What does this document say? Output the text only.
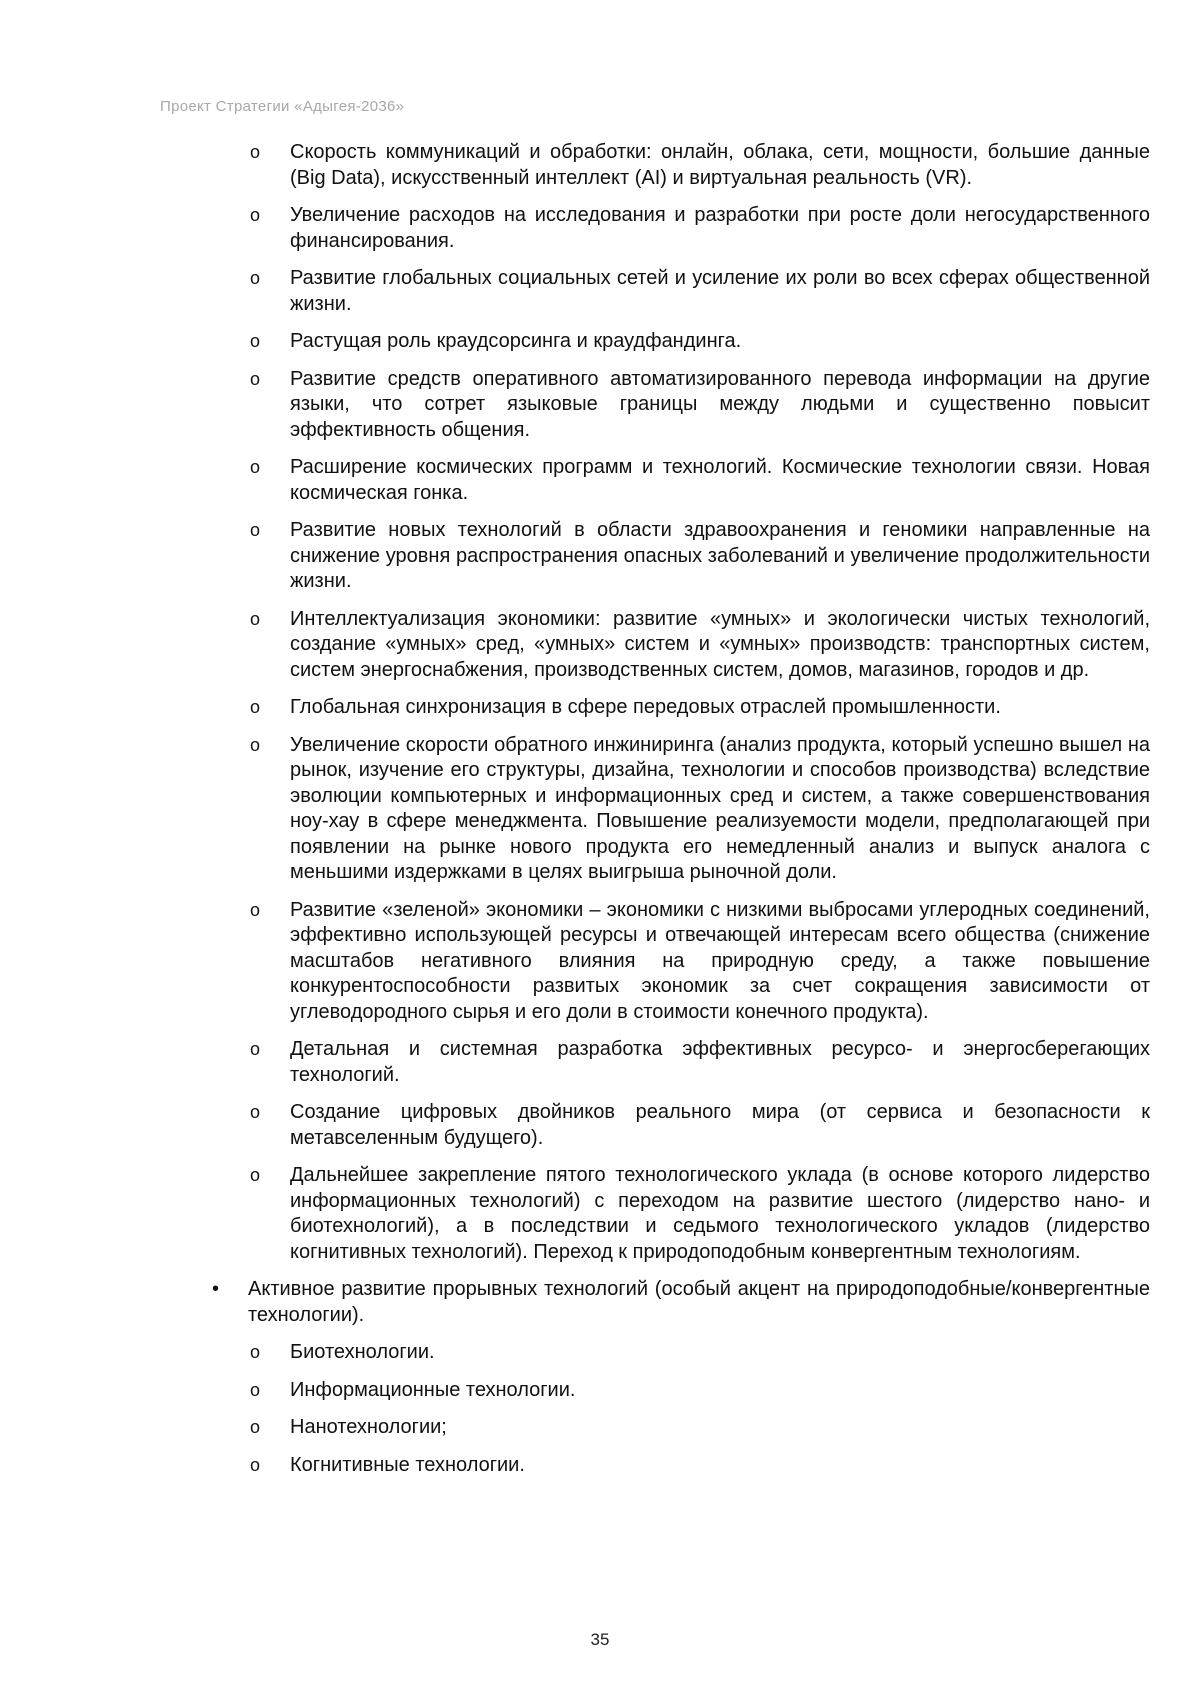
Проект Стратегии «Адыгея-2036»
o	Скорость коммуникаций и обработки: онлайн, облака, сети, мощности, большие данные (Big Data), искусственный интеллект (AI) и виртуальная реальность (VR).
o	Увеличение расходов на исследования и разработки при росте доли негосударственного финансирования.
o	Развитие глобальных социальных сетей и усиление их роли во всех сферах общественной жизни.
o	Растущая роль краудсорсинга и краудфандинга.
o	Развитие средств оперативного автоматизированного перевода информации на другие языки, что сотрет языковые границы между людьми и существенно повысит эффективность общения.
o	Расширение космических программ и технологий. Космические технологии связи. Новая космическая гонка.
o	Развитие новых технологий в области здравоохранения и геномики направленные на снижение уровня распространения опасных заболеваний и увеличение продолжительности жизни.
o	Интеллектуализация экономики: развитие «умных» и экологически чистых технологий, создание «умных» сред, «умных» систем и «умных» производств: транспортных систем, систем энергоснабжения, производственных систем, домов, магазинов, городов и др.
o	Глобальная синхронизация в сфере передовых отраслей промышленности.
o	Увеличение скорости обратного инжиниринга (анализ продукта, который успешно вышел на рынок, изучение его структуры, дизайна, технологии и способов производства) вследствие эволюции компьютерных и информационных сред и систем, а также совершенствования ноу-хау в сфере менеджмента. Повышение реализуемости модели, предполагающей при появлении на рынке нового продукта его немедленный анализ и выпуск аналога с меньшими издержками в целях выигрыша рыночной доли.
o	Развитие «зеленой» экономики – экономики с низкими выбросами углеродных соединений, эффективно использующей ресурсы и отвечающей интересам всего общества (снижение масштабов негативного влияния на природную среду, а также повышение конкурентоспособности развитых экономик за счет сокращения зависимости от углеводородного сырья и его доли в стоимости конечного продукта).
o	Детальная и системная разработка эффективных ресурсо- и энергосберегающих технологий.
o	Создание цифровых двойников реального мира (от сервиса и безопасности к метавселенным будущего).
o	Дальнейшее закрепление пятого технологического уклада (в основе которого лидерство информационных технологий) с переходом на развитие шестого (лидерство нано- и биотехнологий), а в последствии и седьмого технологического укладов (лидерство когнитивных технологий). Переход к природоподобным конвергентным технологиям.
•	Активное развитие прорывных технологий (особый акцент на природоподобные/конвергентные технологии).
o	Биотехнологии.
o	Информационные технологии.
o	Нанотехнологии;
o	Когнитивные технологии.
35
